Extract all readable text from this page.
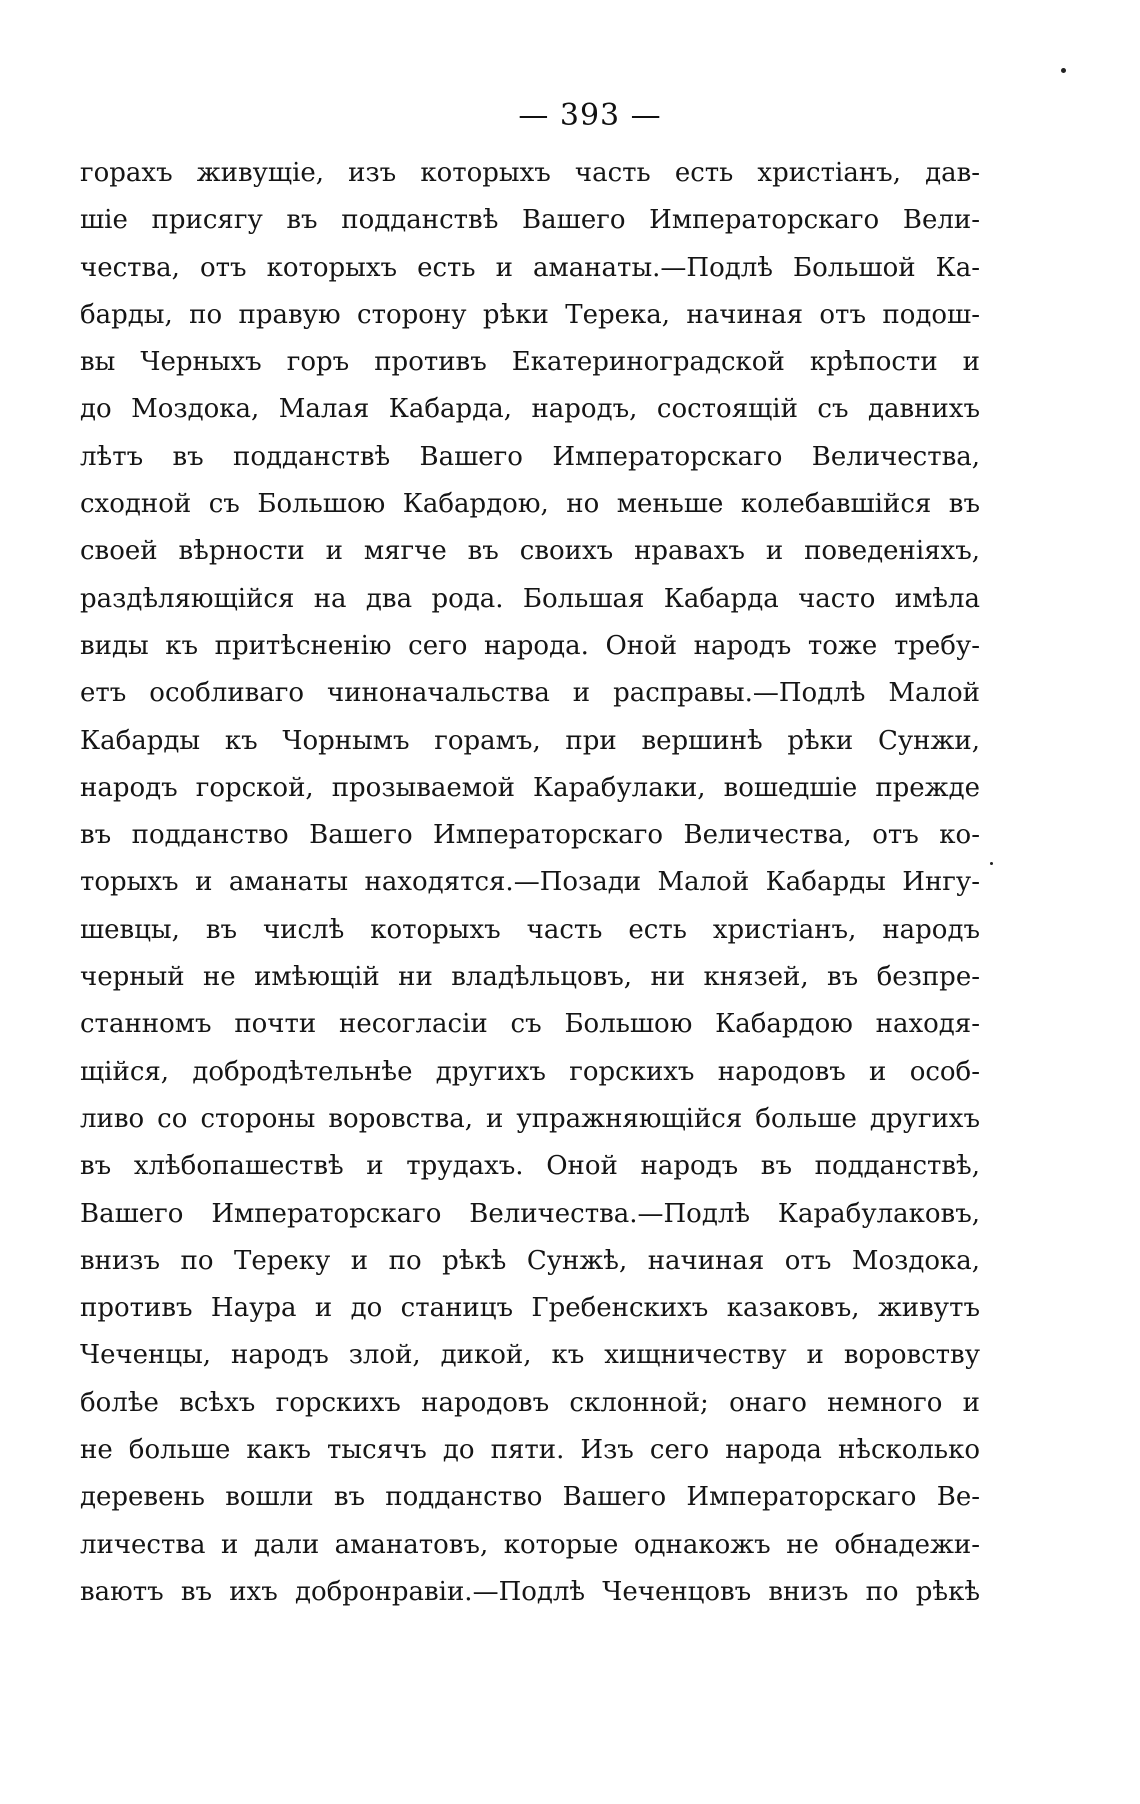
— 393 —
горахъ живущіе, изъ которыхъ часть есть христіанъ, дав-
шіе присягу въ подданствѣ Вашего Императорскаго Вели-
чества, отъ которыхъ есть и аманаты.—Подлѣ Большой Ка-
барды, по правую сторону рѣки Терека, начиная отъ подош-
вы Черныхъ горъ противъ Екатериноградской крѣпости и
до Моздока, Малая Кабарда, народъ, состоящій съ давнихъ
лѣтъ въ подданствѣ Вашего Императорскаго Величества,
сходной съ Большою Кабардою, но меньше колебавшійся въ
своей вѣрности и мягче въ своихъ нравахъ и поведеніяхъ,
раздѣляющійся на два рода. Большая Кабарда часто имѣла
виды къ притѣсненію сего народа. Оной народъ тоже требу-
етъ особливаго чиноначальства и расправы.—Подлѣ Малой
Кабарды къ Чорнымъ горамъ, при вершинѣ рѣки Сунжи,
народъ горской, прозываемой Карабулаки, вошедшіе прежде
въ подданство Вашего Императорскаго Величества, отъ ко-
торыхъ и аманаты находятся.—Позади Малой Кабарды Ингу-
шевцы, въ числѣ которыхъ часть есть христіанъ, народъ
черный не имѣющій ни владѣльцовъ, ни князей, въ безпре-
станномъ почти несогласіи съ Большою Кабардою находя-
щійся, добродѣтельнѣе другихъ горскихъ народовъ и особ-
ливо со стороны воровства, и упражняющійся больше другихъ
въ хлѣбопашествѣ и трудахъ. Оной народъ въ подданствѣ,
Вашего Императорскаго Величества.—Подлѣ Карабулаковъ,
внизъ по Тереку и по рѣкѣ Сунжѣ, начиная отъ Моздока,
противъ Наура и до станицъ Гребенскихъ казаковъ, живутъ
Чеченцы, народъ злой, дикой, къ хищничеству и воровству
болѣе всѣхъ горскихъ народовъ склонной; онаго немного и
не больше какъ тысячъ до пяти. Изъ сего народа нѣсколько
деревень вошли въ подданство Вашего Императорскаго Ве-
личества и дали аманатовъ, которые однакожъ не обнадежи-
ваютъ въ ихъ добронравіи.—Подлѣ Чеченцовъ внизъ по рѣкѣ
